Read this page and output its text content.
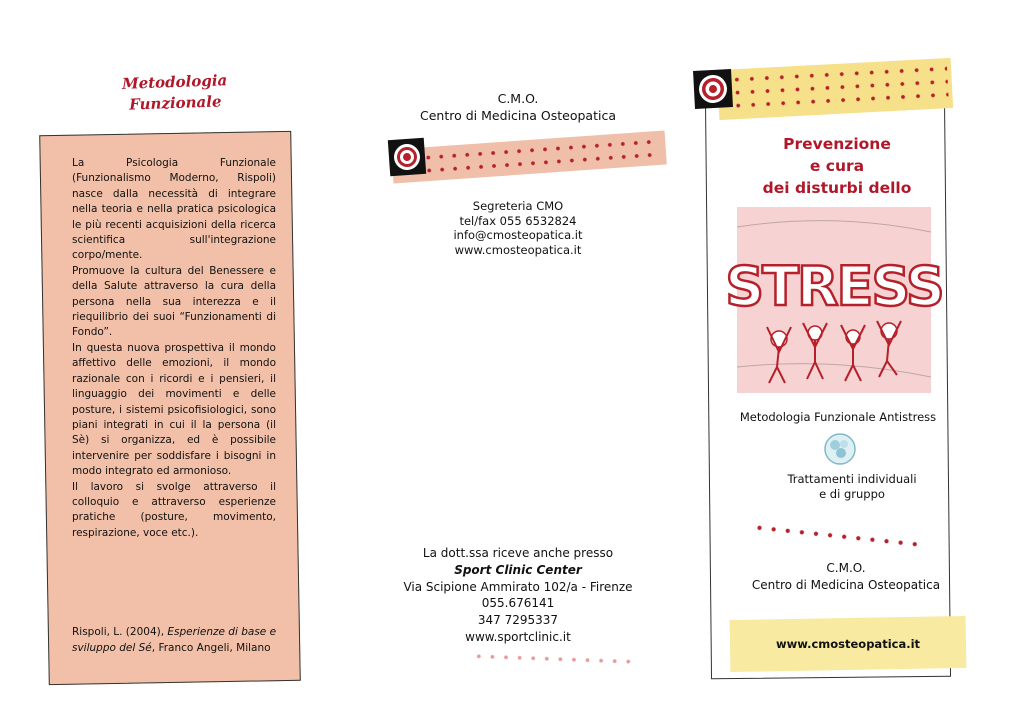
Metodologia
Funzionale

La Psicologia Funzionale (Funzionalismo Moderno, Rispoli) nasce dalla necessità di integrare nella teoria e nella pratica psicologica le più recenti acquisizioni della ricerca scientifica sull'integrazione corpo/mente.

Promuove la cultura del Benessere e della Salute attraverso la cura della persona nella sua interezza e il riequilibrio dei suoi “Funzionamenti di Fondo”.

In questa nuova prospettiva il mondo affettivo delle emozioni, il mondo razionale con i ricordi e i pensieri, il linguaggio dei movimenti e delle posture, i sistemi psicofisiologici, sono piani integrati in cui il la persona (il Sè) si organizza, ed è possibile intervenire per soddisfare i bisogni in modo integrato ed armonioso.

Il lavoro si svolge attraverso il colloquio e attraverso esperienze pratiche (posture, movimento, respirazione, voce etc.).

Rispoli, L. (2004), Esperienze di base e sviluppo del Sé, Franco Angeli, Milano
C.M.O.
Centro di Medicina Osteopatica
Segreteria CMO
tel/fax 055 6532824
info@cmosteopatica.it
www.cmosteopatica.it
La dott.ssa riceve anche presso
Sport Clinic Center
Via Scipione Ammirato 102/a - Firenze
055.676141
347 7295337
www.sportclinic.it
Prevenzione
e cura
dei disturbi dello
STRESS
Metodologia Funzionale Antistress
Trattamenti individuali
e di gruppo
C.M.O.
Centro di Medicina Osteopatica
www.cmosteopatica.it
